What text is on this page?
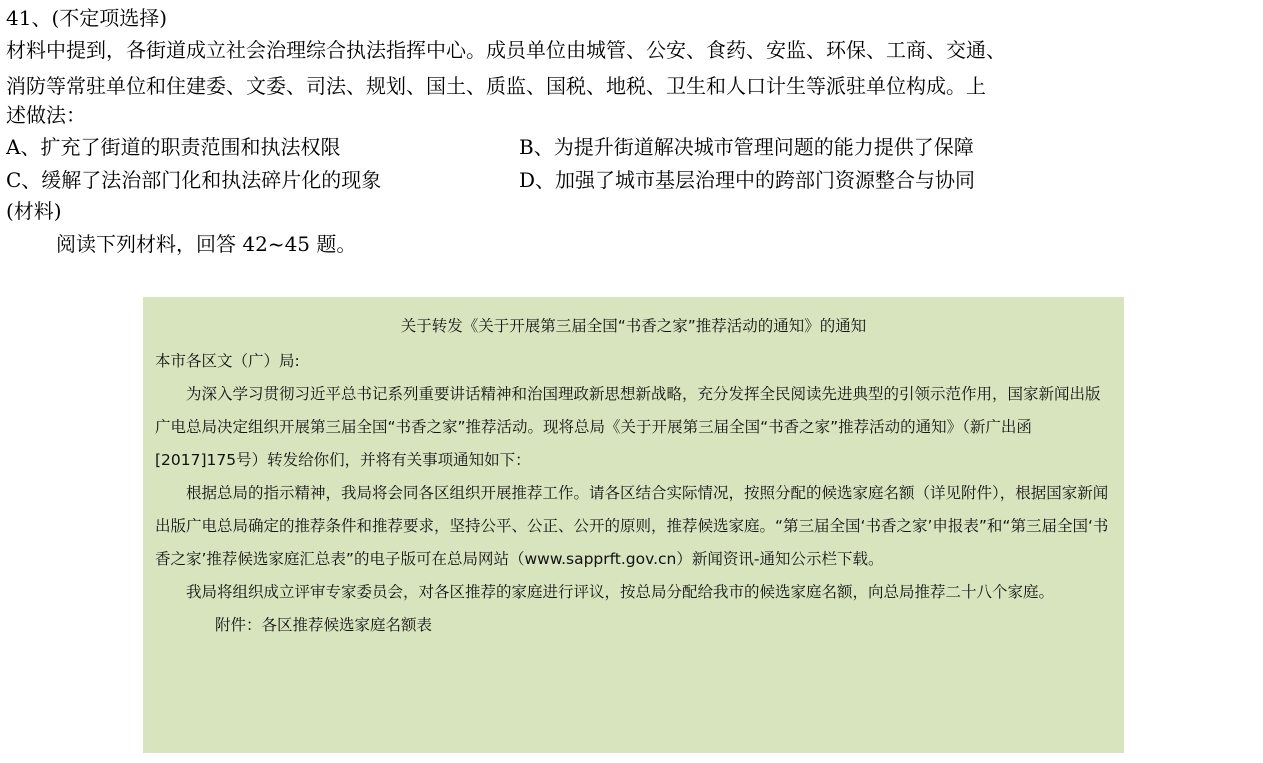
41、(不定项选择)
材料中提到，各街道成立社会治理综合执法指挥中心。成员单位由城管、公安、食药、安监、环保、工商、交通、
消防等常驻单位和住建委、文委、司法、规划、国土、质监、国税、地税、卫生和人口计生等派驻单位构成。上
述做法：
A、扩充了街道的职责范围和执法权限	B、为提升街道解决城市管理问题的能力提供了保障
C、缓解了法治部门化和执法碎片化的现象	D、加强了城市基层治理中的跨部门资源整合与协同
(材料)
阅读下列材料，回答 42~45 题。
关于转发《关于开展第三届全国“书香之家”推荐活动的通知》的通知
本市各区文（广）局:
为深入学习贯彻习近平总书记系列重要讲话精神和治国理政新思想新战略，充分发挥全民阅读先进典型的引领示范作用，国家新闻出版广电总局决定组织开展第三届全国“书香之家”推荐活动。现将总局《关于开展第三届全国“书香之家”推荐活动的通知》（新广出函[2017]175号）转发给你们，并将有关事项通知如下：
根据总局的指示精神，我局将会同各区组织开展推荐工作。请各区结合实际情况，按照分配的候选家庭名额（详见附件），根据国家新闻出版广电总局确定的推荐条件和推荐要求，坚持公平、公正、公开的原则，推荐候选家庭。“第三届全国‘书香之家’申报表”和“第三届全国‘书香之家’推荐候选家庭汇总表”的电子版可在总局网站（www.sapprft.gov.cn）新闻资讯-通知公示栏下载。
我局将组织成立评审专家委员会，对各区推荐的家庭进行评议，按总局分配给我市的候选家庭名额，向总局推荐二十八个家庭。
附件：各区推荐候选家庭名额表
